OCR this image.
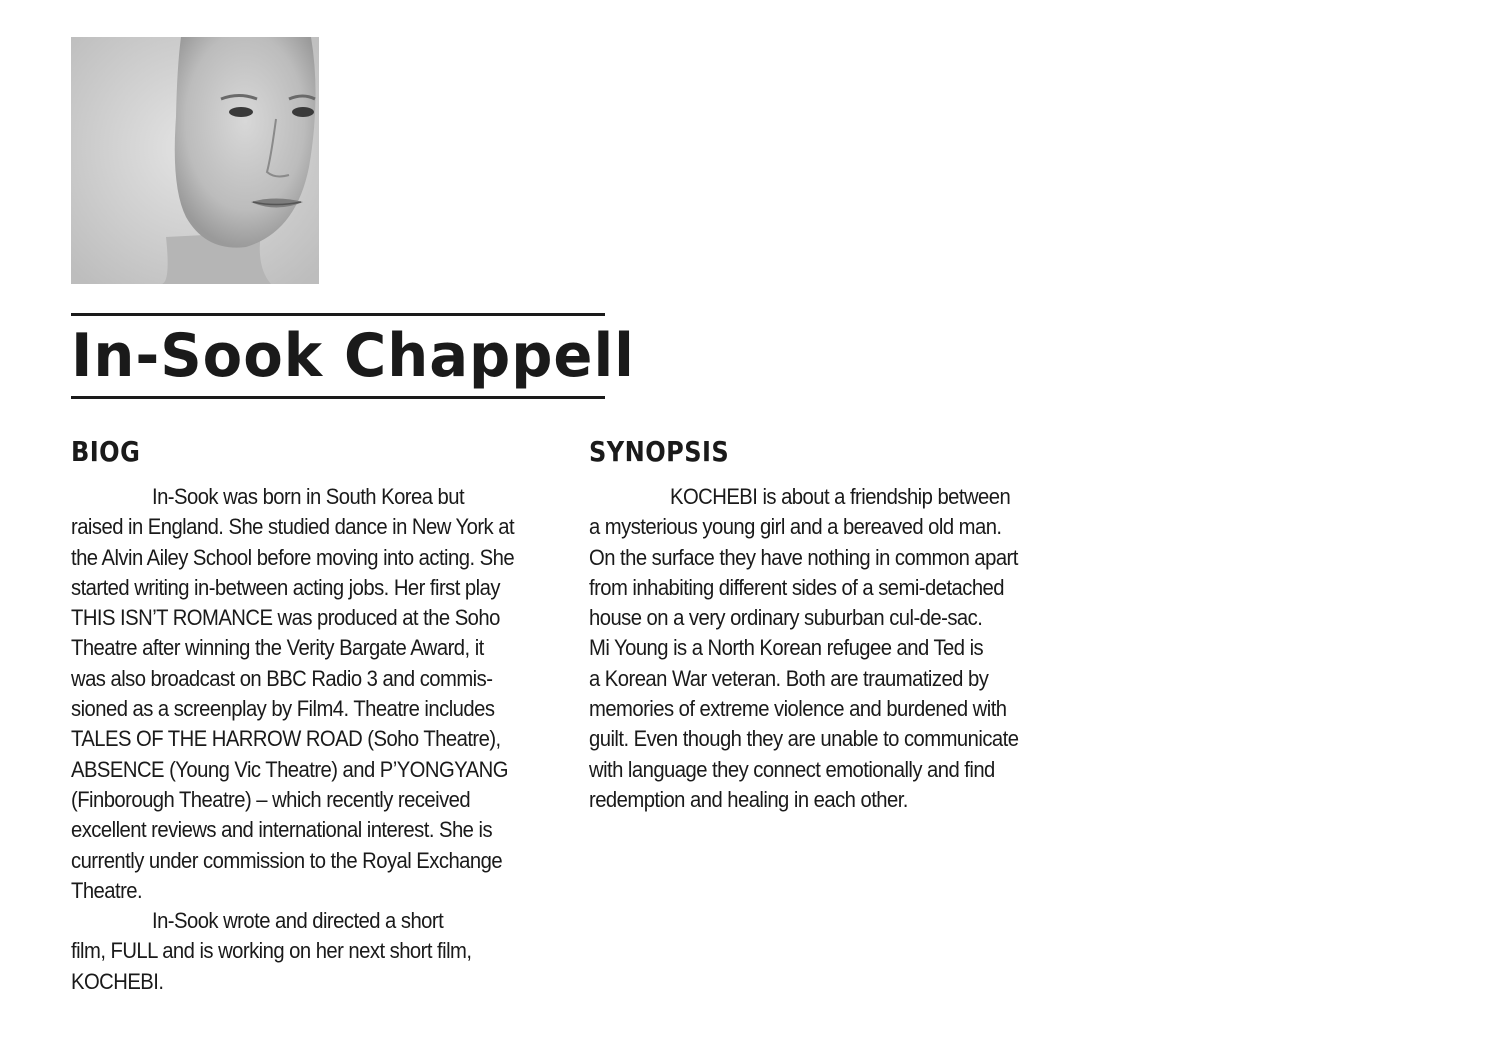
In-Sook Chappell
BIOG

In-Sook was born in South Korea but
raised in England. She studied dance in New York at
the Alvin Ailey School before moving into acting. She
started writing in-between acting jobs. Her first play
THIS ISN’T ROMANCE was produced at the Soho
Theatre after winning the Verity Bargate Award, it
was also broadcast on BBC Radio 3 and commis-
sioned as a screenplay by Film4. Theatre includes
TALES OF THE HARROW ROAD (Soho Theatre),
ABSENCE (Young Vic Theatre) and P’YONGYANG
(Finborough Theatre) – which recently received
excellent reviews and international interest. She is
currently under commission to the Royal Exchange
Theatre.

In-Sook wrote and directed a short
film, FULL and is working on her next short film,
KOCHEBI.

SYNOPSIS

KOCHEBI is about a friendship between
a mysterious young girl and a bereaved old man.
On the surface they have nothing in common apart
from inhabiting different sides of a semi-detached
house on a very ordinary suburban cul-de-sac.
Mi Young is a North Korean refugee and Ted is
a Korean War veteran. Both are traumatized by
memories of extreme violence and burdened with
guilt. Even though they are unable to communicate
with language they connect emotionally and find
redemption and healing in each other.
